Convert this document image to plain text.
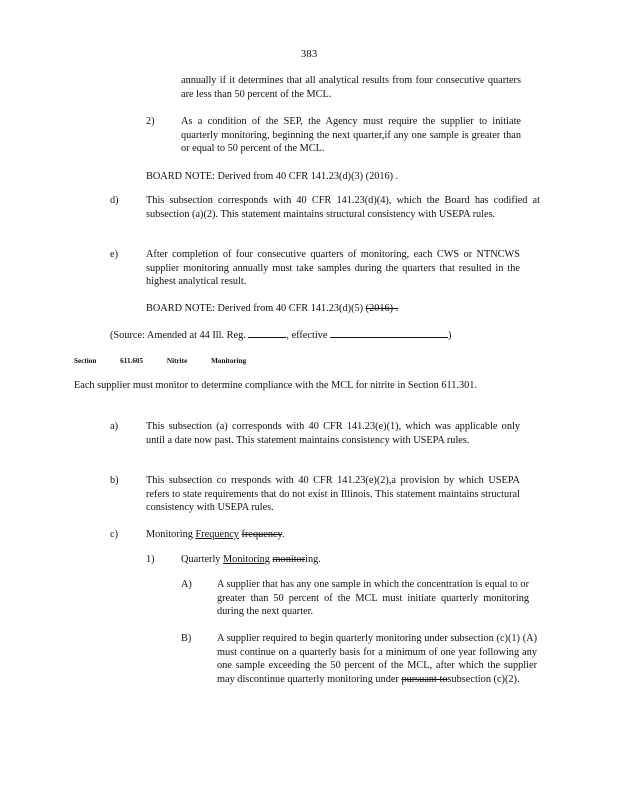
383
annually if it determines that all analytical results from four consecutive quarters are less than 50 percent of the MCL.
2)	As a condition of the SEP, the Agency must require the supplier to initiate quarterly monitoring, beginning the next quarter,if any one sample is greater than or equal to 50 percent of the MCL.
BOARD NOTE: Derived from 40 CFR 141.23(d)(3) (2016) .
d)	This subsection corresponds with 40 CFR 141.23(d)(4), which the Board has codified at subsection (a)(2). This statement maintains structural consistency with USEPA rules.
e)	After completion of four consecutive quarters of monitoring, each CWS or NTNCWS supplier monitoring annually must take samples during the quarters that resulted in the highest analytical result.
BOARD NOTE: Derived from 40 CFR 141.23(d)(5) (2016) .
(Source: Amended at 44 Ill. Reg.	, effective	)
Section 611.605 Nitrite Monitoring
Each supplier must monitor to determine compliance with the MCL for nitrite in Section 611.301.
a)	This subsection (a) corresponds with 40 CFR 141.23(e)(1), which was applicable only until a date now past. This statement maintains consistency with USEPA rules.
b)	This subsection co rresponds with 40 CFR 141.23(e)(2),a provision by which USEPA refers to state requirements that do not exist in Illinois. This statement maintains structural consistency with USEPA rules.
c)	Monitoring Frequency frequency.
1)	Quarterly Monitoring monitoring.
A) A supplier that has any one sample in which the concentration is equal to or greater than 50 percent of the MCL must initiate quarterly monitoring during the next quarter.
B) A supplier required to begin quarterly monitoring under subsection (c)(1) (A) must continue on a quarterly basis for a minimum of one year following any one sample exceeding the 50 percent of the MCL, after which the supplier may discontinue quarterly monitoring under pursuant tosubsection (c)(2).
